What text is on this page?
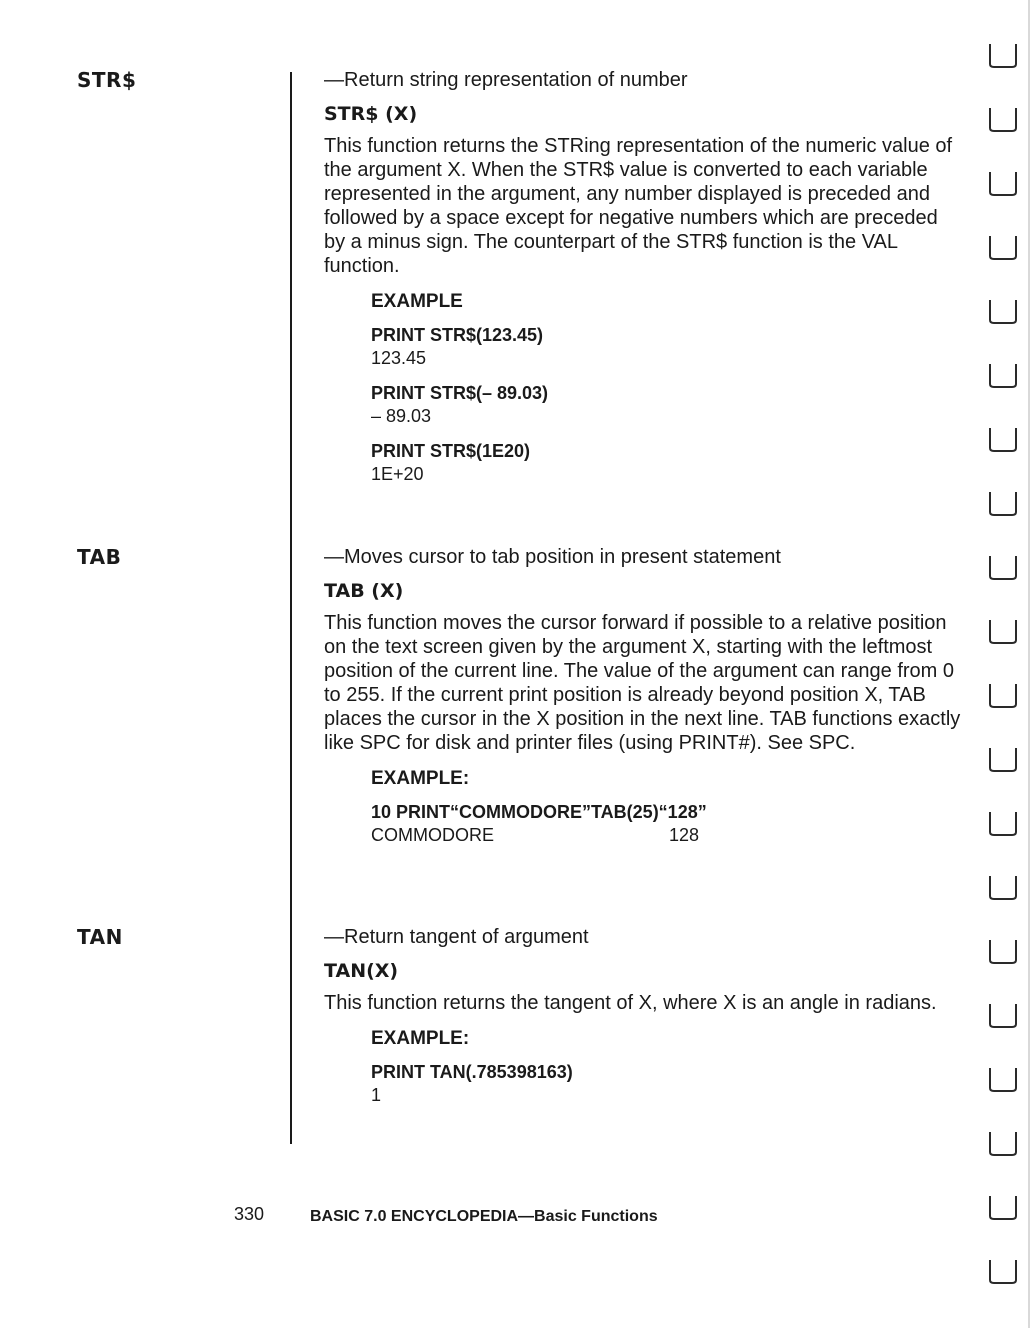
STR$
TAB
TAN

—Return string representation of number

STR$ (X)

This function returns the STRing representation of the numeric value of the argument X. When the STR$ value is converted to each variable represented in the argument, any number displayed is preceded and followed by a space except for negative numbers which are preceded by a minus sign. The counterpart of the STR$ function is the VAL function.

EXAMPLE
PRINT STR$(123.45)
123.45
PRINT STR$(– 89.03)
– 89.03
PRINT STR$(1E20)
1E+20

—Moves cursor to tab position in present statement

TAB (X)

This function moves the cursor forward if possible to a relative position on the text screen given by the argument X, starting with the leftmost position of the current line. The value of the argument can range from 0 to 255. If the current print position is already beyond position X, TAB places the cursor in the X position in the next line. TAB functions exactly like SPC for disk and printer files (using PRINT#). See SPC.

EXAMPLE:
10 PRINT“COMMODORE”TAB(25)“128”
COMMODORE                                   128

—Return tangent of argument

TAN(X)

This function returns the tangent of X, where X is an angle in radians.

EXAMPLE:
PRINT TAN(.785398163)
1
330	BASIC 7.0 ENCYCLOPEDIA—Basic Functions
